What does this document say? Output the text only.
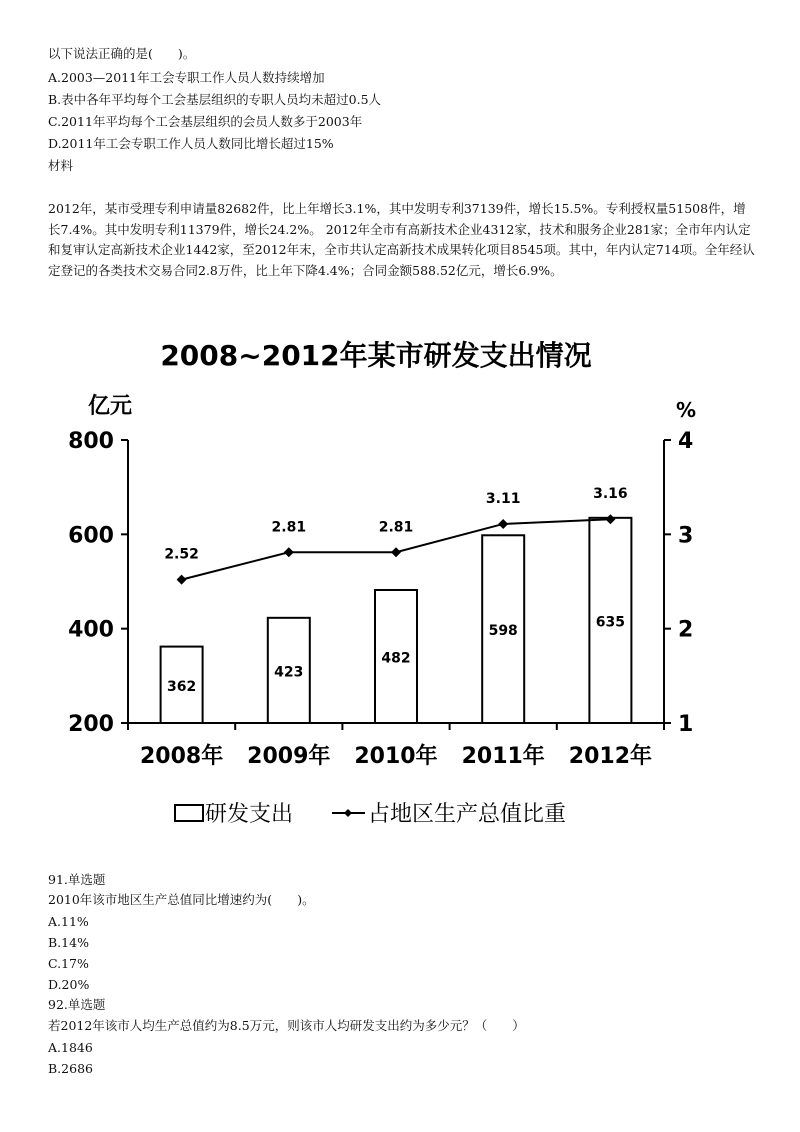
以下说法正确的是(　　)。
A.2003—2011年工会专职工作人员人数持续增加
B.表中各年平均每个工会基层组织的专职人员均未超过0.5人
C.2011年平均每个工会基层组织的会员人数多于2003年
D.2011年工会专职工作人员人数同比增长超过15%
材料
2012年，某市受理专利申请量82682件，比上年增长3.1%，其中发明专利37139件，增长15.5%。专利授权量51508件，增长7.4%。其中发明专利11379件，增长24.2%。 2012年全市有高新技术企业4312家，技术和服务企业281家；全市年内认定和复审认定高新技术企业1442家，至2012年末，全市共认定高新技术成果转化项目8545项。其中，年内认定714项。全年经认定登记的各类技术交易合同2.8万件，比上年下降4.4%；合同金额588.52亿元，增长6.9%。
2008~2012年某市研发支出情况
亿元	%
200
400
600
800
1
2
3
4
362
423
482
598
635
2.52
2.81	2.81
3.11	3.16
2008年 2009年 2010年 2011年 2012年
研发支出	占地区生产总值比重
91.单选题
2010年该市地区生产总值同比增速约为(　　)。
A.11%
B.14%
C.17%
D.20%
92.单选题
若2012年该市人均生产总值约为8.5万元，则该市人均研发支出约为多少元？（　　）
A.1846
B.2686
